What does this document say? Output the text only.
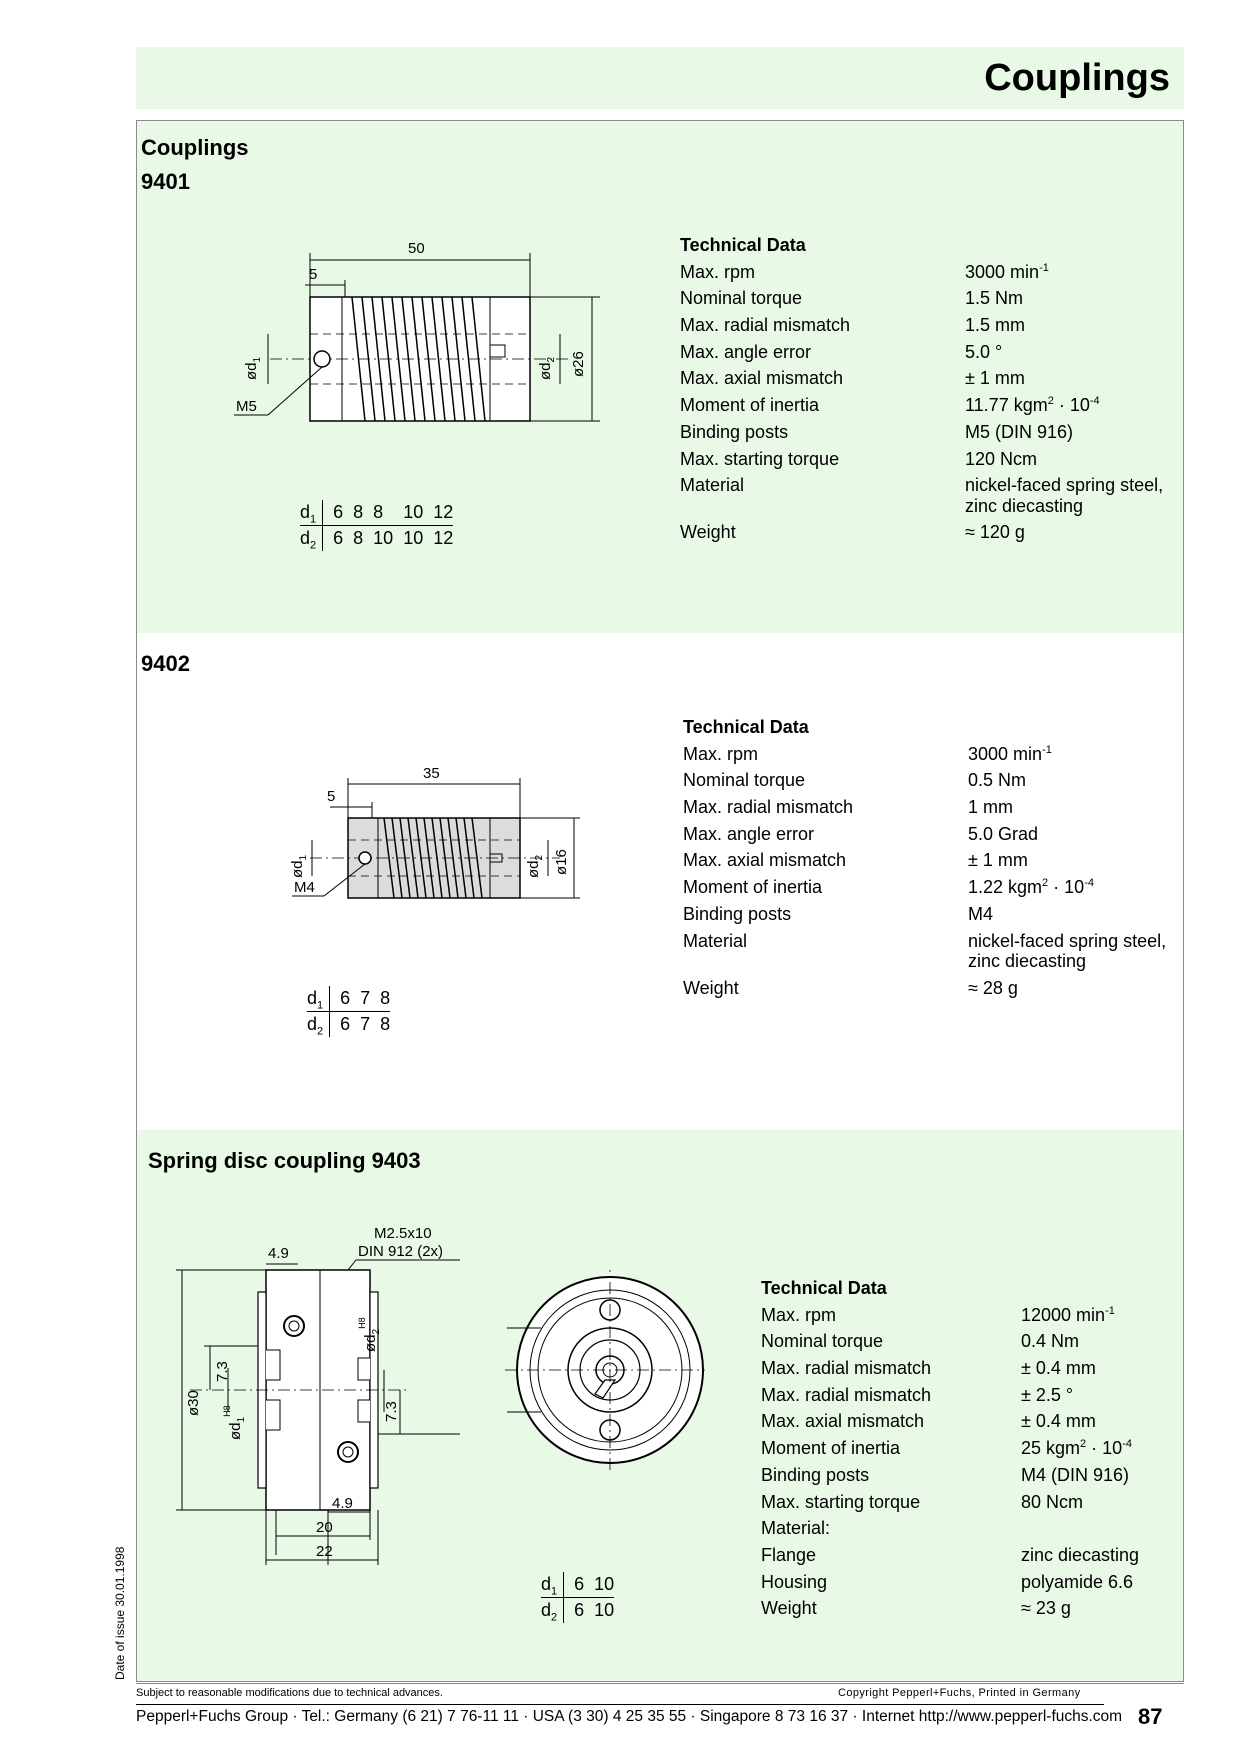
Couplings
Couplings
9401
50
5
M5
$ød_1$
$ød_2$ ø26
$d_1$	6	8	8	10	12
$d_2$	6	8	10	10	12
Technical Data
Max. rpm	3000 $\min^{-1}$
Nominal torque	1.5 Nm
Max. radial mismatch	1.5 mm
Max. angle error	5.0 °
Max. axial mismatch	± 1 mm
Moment of inertia	11.77 $kgm^2 \cdot 10^{-4}$
Binding posts	M5 (DIN 916)
Max. starting torque	120 Ncm
Material	nickel-faced spring steel, zinc diecasting
Weight	≈ 120 g
9402
35
5
M4
$ød_1$
$ød_2$ ø16
$d_1$	6	7	8
$d_2$	6	7	8
Technical Data
Max. rpm	3000 $\min^{-1}$
Nominal torque	0.5 Nm
Max. radial mismatch	1 mm
Max. angle error	5.0 Grad
Max. axial mismatch	± 1 mm
Moment of inertia	1.22 $kgm^2 \cdot 10^{-4}$
Binding posts	M4
Material	nickel-faced spring steel, zinc diecasting
Weight	≈ 28 g
Spring disc coupling 9403
M2.5x10
DIN 912 (2x)
4.9
ø30
7.3
$ød_1^{H8}$
$ød_2^{H8}$
7.3
4.9
20
22
$d_1$	6	10
$d_2$	6	10
Technical Data
Max. rpm	12000 $\min^{-1}$
Nominal torque	0.4 Nm
Max. radial mismatch	± 0.4 mm
Max. radial mismatch	± 2.5 °
Max. axial mismatch	± 0.4 mm
Moment of inertia	25 $kgm^2 \cdot 10^{-4}$
Binding posts	M4 (DIN 916)
Max. starting torque	80 Ncm
Material:
Flange	zinc diecasting
Housing	polyamide 6.6
Weight	≈ 23 g
Date of issue 30.01.1998
Subject to reasonable modifications due to technical advances.	Copyright Pepperl+Fuchs, Printed in Germany
Pepperl+Fuchs Group · Tel.: Germany (6 21) 7 76-11 11 · USA (3 30) 4 25 35 55 · Singapore 8 73 16 37 · Internet http://www.pepperl-fuchs.com 87
